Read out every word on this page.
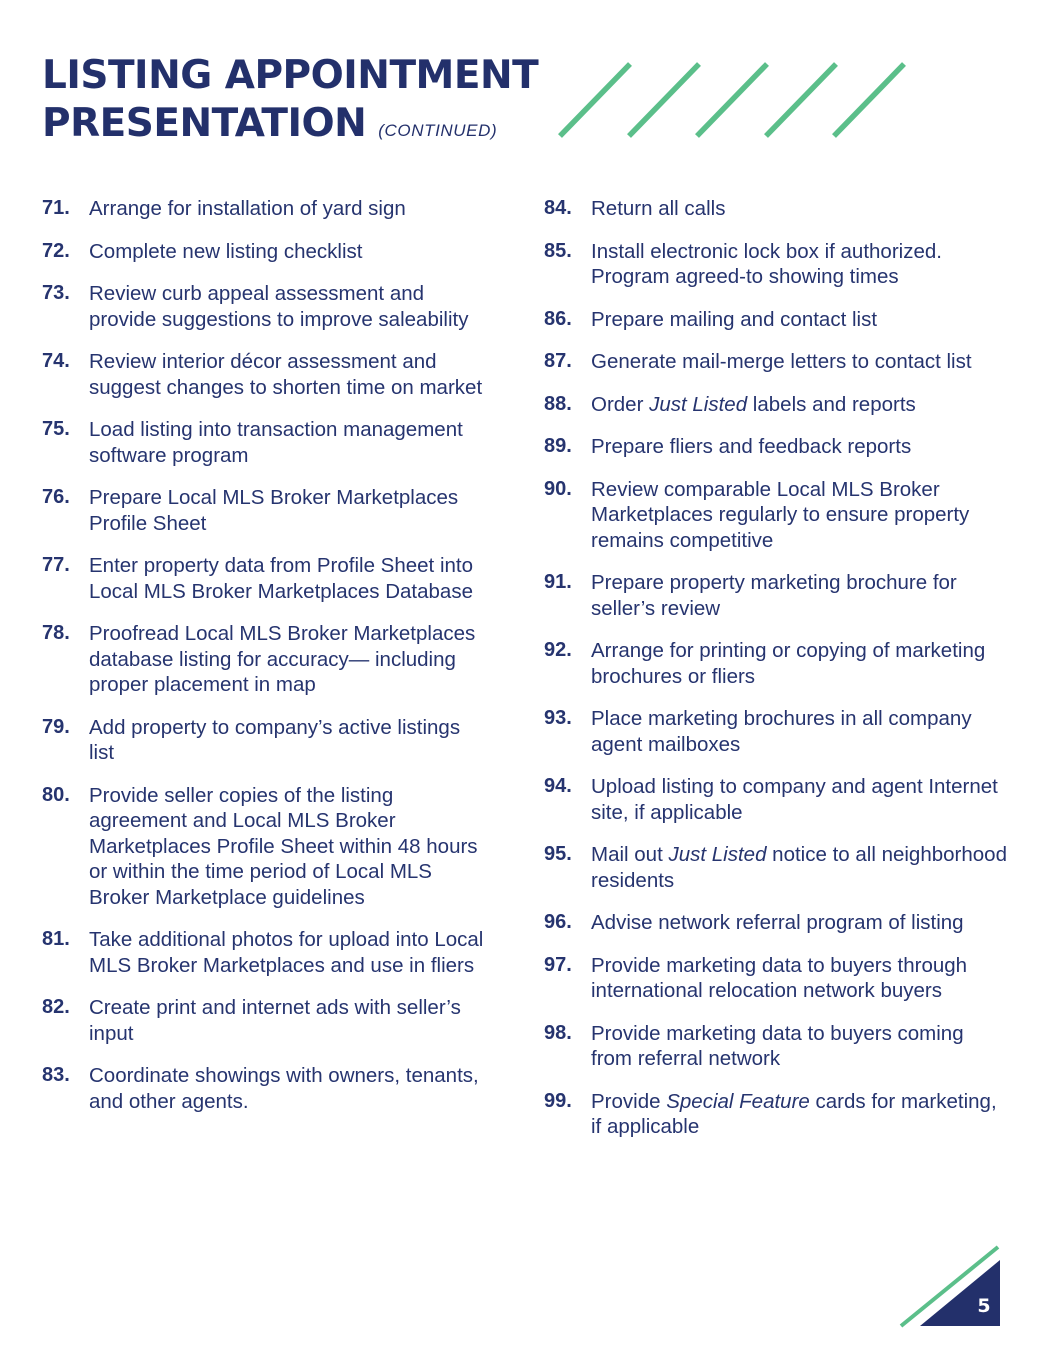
LISTING APPOINTMENT
PRESENTATION (CONTINUED)
71. Arrange for installation of yard sign
72. Complete new listing checklist
73. Review curb appeal assessment and provide suggestions to improve saleability
74. Review interior décor assessment and suggest changes to shorten time on market
75. Load listing into transaction management software program
76. Prepare Local MLS Broker Marketplaces Profile Sheet
77. Enter property data from Profile Sheet into Local MLS Broker Marketplaces Database
78. Proofread Local MLS Broker Marketplaces database listing for accuracy— including proper placement in map
79. Add property to company’s active listings list
80. Provide seller copies of the listing agreement and Local MLS Broker Marketplaces Profile Sheet within 48 hours or within the time period of Local MLS Broker Marketplace guidelines
81. Take additional photos for upload into Local MLS Broker Marketplaces and use in fliers
82. Create print and internet ads with seller’s input
83. Coordinate showings with owners, tenants, and other agents.
84. Return all calls
85. Install electronic lock box if authorized. Program agreed-to showing times
86. Prepare mailing and contact list
87. Generate mail-merge letters to contact list
88. Order Just Listed labels and reports
89. Prepare fliers and feedback reports
90. Review comparable Local MLS Broker Marketplaces regularly to ensure property remains competitive
91. Prepare property marketing brochure for seller’s review
92. Arrange for printing or copying of marketing brochures or fliers
93. Place marketing brochures in all company agent mailboxes
94. Upload listing to company and agent Internet site, if applicable
95. Mail out Just Listed notice to all neighborhood residents
96. Advise network referral program of listing
97. Provide marketing data to buyers through international relocation network buyers
98. Provide marketing data to buyers coming from referral network
99. Provide Special Feature cards for marketing, if applicable
5
